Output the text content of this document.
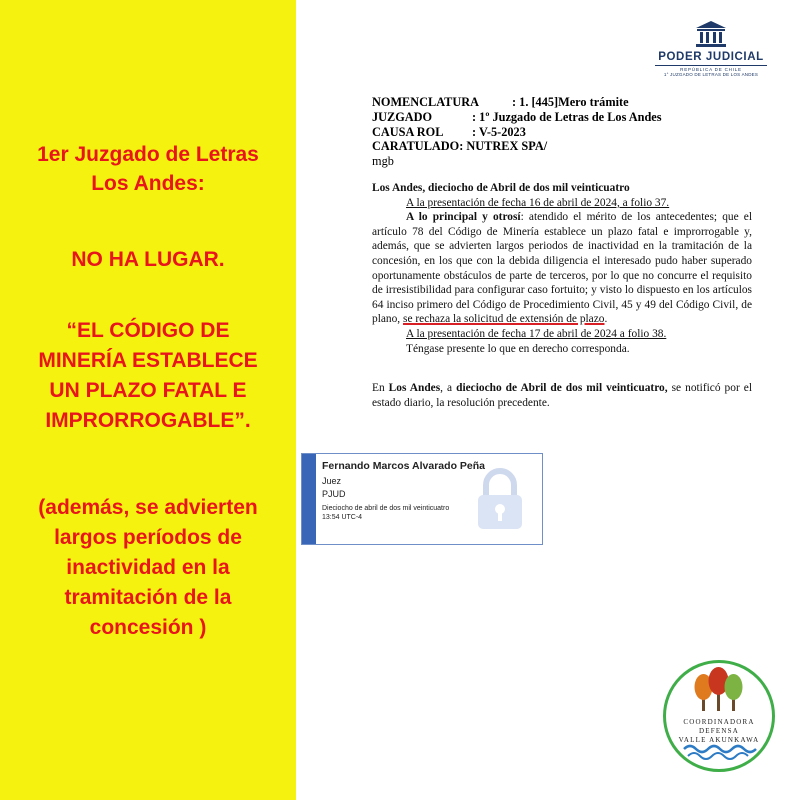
1er Juzgado de Letras
Los Andes:
NO HA LUGAR.
“EL CÓDIGO DE
MINERÍA ESTABLECE
UN PLAZO FATAL E
IMPRORROGABLE”.
(además, se advierten
largos períodos de
inactividad en la
tramitación de la
concesión )
PODER JUDICIAL
REPÚBLICA DE CHILE
1° JUZGADO DE LETRAS DE LOS ANDES
NOMENCLATURA	: 1. [445]Mero trámite
JUZGADO	: 1º Juzgado de Letras de Los Andes
CAUSA ROL : V-5-2023
CARATULADO: NUTREX SPA/
mgb
Los Andes, dieciocho de Abril de dos mil veinticuatro
A la presentación de fecha 16 de abril de 2024, a folio 37.
A lo principal y otrosí: atendido el mérito de los antecedentes; que el artículo 78 del Código de Minería establece un plazo fatal e improrrogable y, además, que se advierten largos periodos de inactividad en la tramitación de la concesión, en los que con la debida diligencia el interesado pudo haber superado oportunamente obstáculos de parte de terceros, por lo que no concurre el requisito de irresistibilidad para configurar caso fortuito; y visto lo dispuesto en los artículos 64 inciso primero del Código de Procedimiento Civil, 45 y 49 del Código Civil, de plano, se rechaza la solicitud de extensión de plazo.
A la presentación de fecha 17 de abril de 2024 a folio 38.
Téngase presente lo que en derecho corresponda.
En Los Andes, a dieciocho de Abril de dos mil veinticuatro, se notificó por el estado diario, la resolución precedente.
Fernando Marcos Alvarado Peña
Juez
PJUD
Dieciocho de abril de dos mil veinticuatro
13:54 UTC-4
COORDINADORA
DEFENSA
VALLE AKUNKAWA
